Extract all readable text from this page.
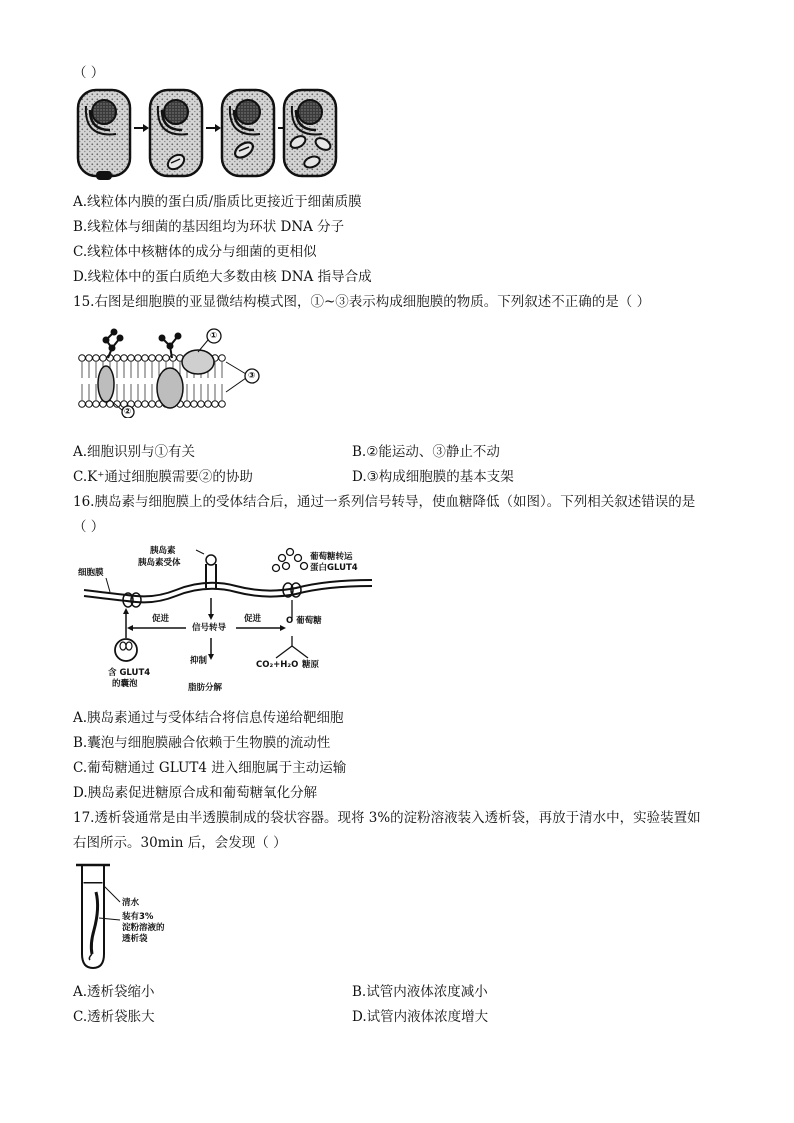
（ ）
A.线粒体内膜的蛋白质/脂质比更接近于细菌质膜
B.线粒体与细菌的基因组均为环状 DNA 分子
C.线粒体中核糖体的成分与细菌的更相似
D.线粒体中的蛋白质绝大多数由核 DNA 指导合成
15.右图是细胞膜的亚显微结构模式图，①~③表示构成细胞膜的物质。下列叙述不正确的是（ ）
①
③
②
A.细胞识别与①有关	B.②能运动、③静止不动
C.K⁺通过细胞膜需要②的协助	D.③构成细胞膜的基本支架
16.胰岛素与细胞膜上的受体结合后，通过一系列信号转导，使血糖降低（如图）。下列相关叙述错误的是
（ ）
细胞膜
胰岛素
胰岛素受体
葡萄糖转运
蛋白GLUT4
促进
信号转导
促进	O 葡萄糖
抑制
含 GLUT4
的囊泡	脂肪分解
CO₂+H₂O 糖原
A.胰岛素通过与受体结合将信息传递给靶细胞
B.囊泡与细胞膜融合依赖于生物膜的流动性
C.葡萄糖通过 GLUT4 进入细胞属于主动运输
D.胰岛素促进糖原合成和葡萄糖氧化分解
17.透析袋通常是由半透膜制成的袋状容器。现将 3%的淀粉溶液装入透析袋，再放于清水中，实验装置如
右图所示。30min 后，会发现（ ）
清水
装有3%
淀粉溶液的
透析袋
A.透析袋缩小	B.试管内液体浓度减小
C.透析袋胀大	D.试管内液体浓度增大
